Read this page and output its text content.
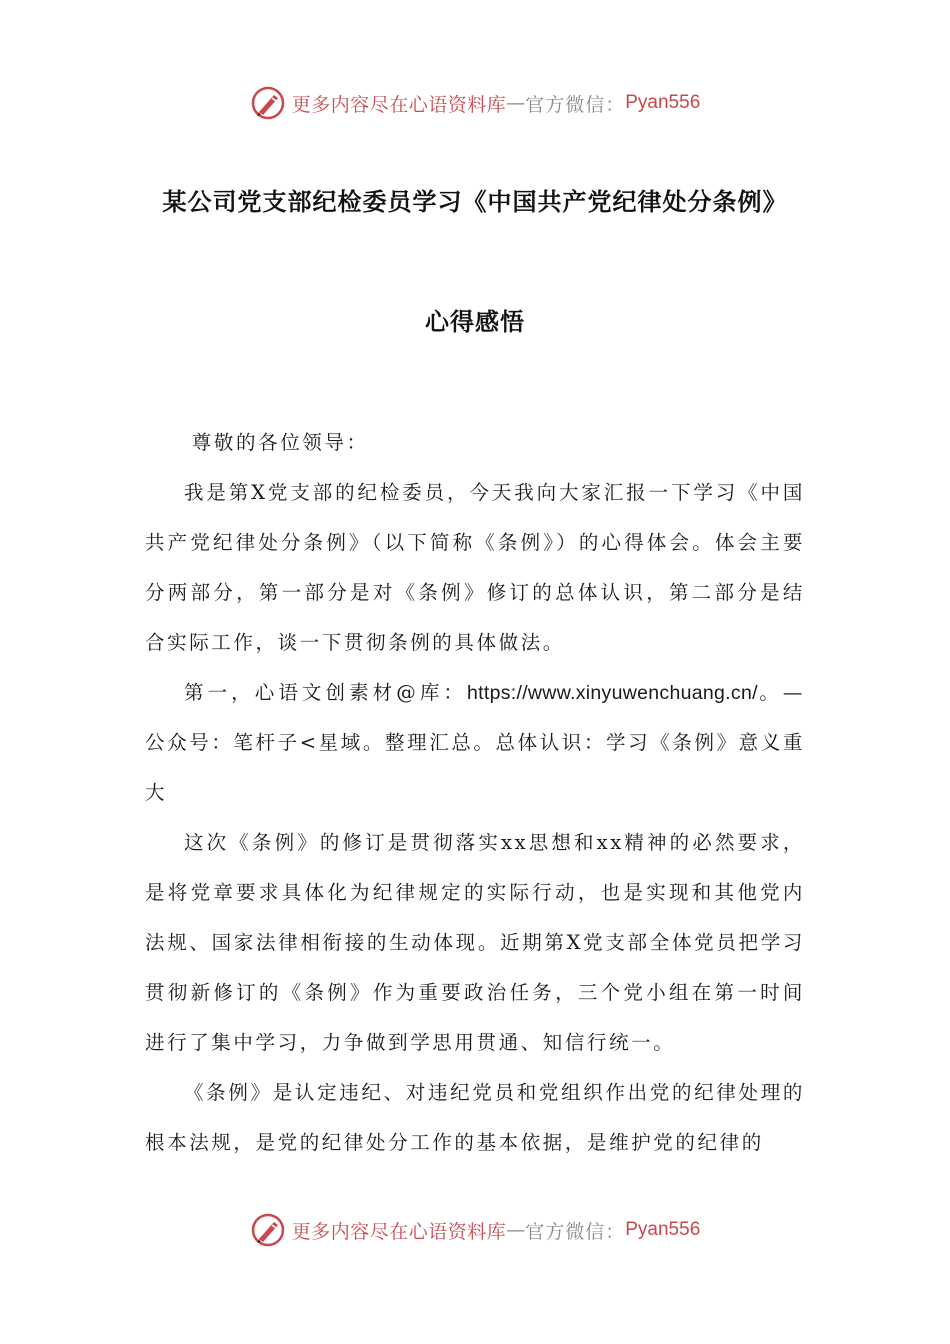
更多内容尽在心语资料库 — 官方微信： Pyan556
某公司党支部纪检委员学习《中国共产党纪律处分条例》
心得感悟

尊敬的各位领导：

我是第X党支部的纪检委员，今天我向大家汇报一下学习《中国共产党纪律处分条例》（以下简称《条例》）的心得体会。体会主要分两部分，第一部分是对《条例》修订的总体认识，第二部分是结合实际工作，谈一下贯彻条例的具体做法。

第一，心语文创素材@库：https://www.xinyuwenchuang.cn/。—公众号：笔杆子<星域。整理汇总。总体认识：学习《条例》意义重大

这次《条例》的修订是贯彻落实xx思想和xx精神的必然要求，是将党章要求具体化为纪律规定的实际行动，也是实现和其他党内法规、国家法律相衔接的生动体现。近期第X党支部全体党员把学习贯彻新修订的《条例》作为重要政治任务，三个党小组在第一时间进行了集中学习，力争做到学思用贯通、知信行统一。

《条例》是认定违纪、对违纪党员和党组织作出党的纪律处理的根本法规，是党的纪律处分工作的基本依据，是维护党的纪律的

更多内容尽在心语资料库 — 官方微信： Pyan556
